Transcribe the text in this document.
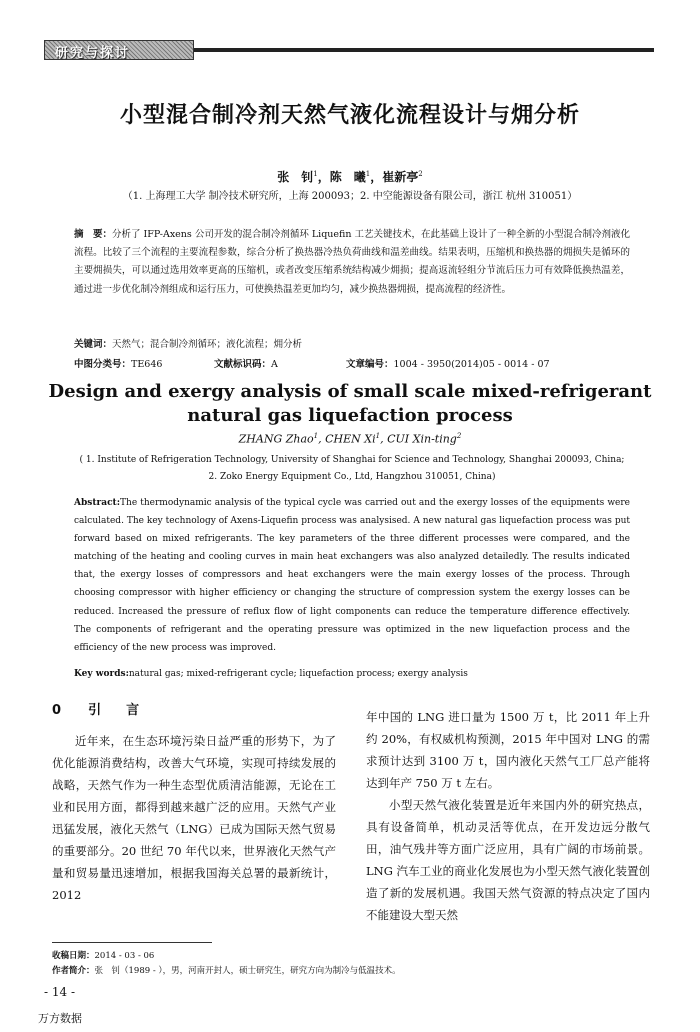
研究与探讨
小型混合制冷剂天然气液化流程设计与㶲分析
张　钊$^1$，陈　曦$^1$，崔新亭$^2$
（1. 上海理工大学 制冷技术研究所，上海 200093；2. 中空能源设备有限公司，浙江 杭州 310051）
摘　要：分析了 IFP-Axens 公司开发的混合制冷剂循环 Liquefin 工艺关键技术，在此基础上设计了一种全新的小型混合制冷剂液化流程。比较了三个流程的主要流程参数，综合分析了换热器冷热负荷曲线和温差曲线。结果表明，压缩机和换热器的㶲损失是循环的主要㶲损失，可以通过选用效率更高的压缩机，或者改变压缩系统结构减少㶲损；提高返流轻组分节流后压力可有效降低换热温差，通过进一步优化制冷剂组成和运行压力，可使换热温差更加均匀，减少换热器㶲损，提高流程的经济性。
关键词：天然气；混合制冷剂循环；液化流程；㶲分析
中图分类号：TE646	文献标识码：A	文章编号：1004 - 3950(2014)05 - 0014 - 07
Design and exergy analysis of small scale mixed-refrigerant
natural gas liquefaction process
ZHANG Zhao$^1$, CHEN Xi$^1$, CUI Xin-ting$^2$
( 1. Institute of Refrigeration Technology, University of Shanghai for Science and Technology, Shanghai 200093, China;
2. Zoko Energy Equipment Co., Ltd, Hangzhou 310051, China)
Abstract:The thermodynamic analysis of the typical cycle was carried out and the exergy losses of the equipments were calculated. The key technology of Axens-Liquefin process was analysised. A new natural gas liquefaction process was put forward based on mixed refrigerants. The key parameters of the three different processes were compared, and the matching of the heating and cooling curves in main heat exchangers was also analyzed detailedly. The results indicated that, the exergy losses of compressors and heat exchangers were the main exergy losses of the process. Through choosing compressor with higher efficiency or changing the structure of compression system the exergy losses can be reduced. Increased the pressure of reflux flow of light components can reduce the temperature difference effectively. The components of refrigerant and the operating pressure was optimized in the new liquefaction process and the efficiency of the new process was improved.
Key words:natural gas; mixed-refrigerant cycle; liquefaction process; exergy analysis
0 引　言

近年来，在生态环境污染日益严重的形势下，为了优化能源消费结构，改善大气环境，实现可持续发展的战略，天然气作为一种生态型优质清洁能源，无论在工业和民用方面，都得到越来越广泛的应用。天然气产业迅猛发展，液化天然气（LNG）已成为国际天然气贸易的重要部分。20 世纪 70 年代以来，世界液化天然气产量和贸易量迅速增加，根据我国海关总署的最新统计，2012

年中国的 LNG 进口量为 1500 万 t，比 2011 年上升约 20%，有权威机构预测，2015 年中国对 LNG 的需求预计达到 3100 万 t，国内液化天然气工厂总产能将达到年产 750 万 t 左右。

小型天然气液化装置是近年来国内外的研究热点，具有设备简单，机动灵活等优点，在开发边远分散气田，油气残井等方面广泛应用，具有广阔的市场前景。LNG 汽车工业的商业化发展也为小型天然气液化装置创造了新的发展机遇。我国天然气资源的特点决定了国内不能建设大型天然

收稿日期：2014 - 03 - 06
作者简介：张　钊（1989 - ），男，河南开封人，硕士研究生，研究方向为制冷与低温技术。
- 14 -
万方数据
